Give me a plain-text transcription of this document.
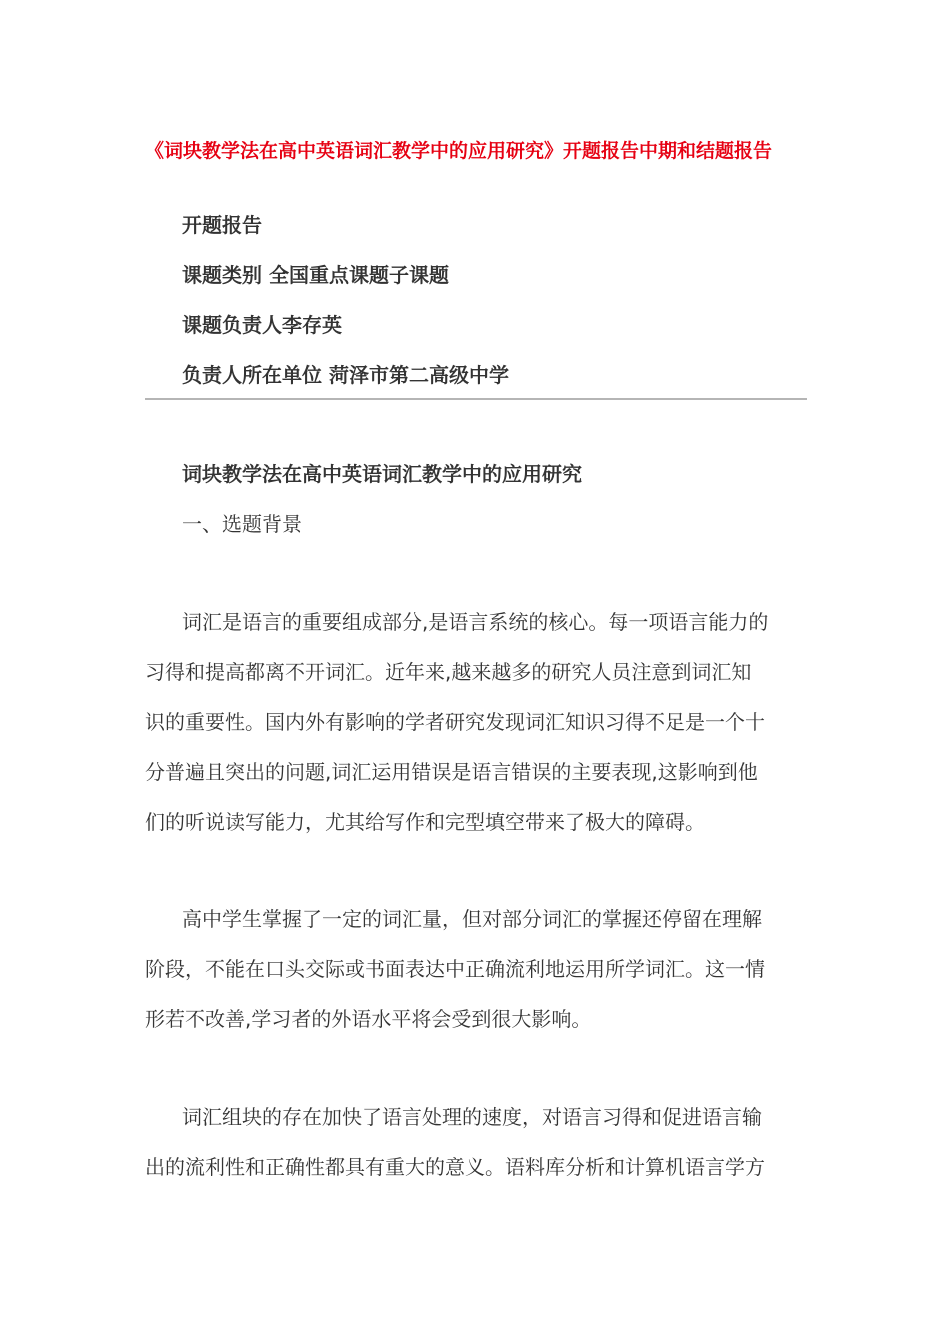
《词块教学法在高中英语词汇教学中的应用研究》开题报告中期和结题报告
开题报告
课题类别 全国重点课题子课题
课题负责人李存英
负责人所在单位 菏泽市第二高级中学
词块教学法在高中英语词汇教学中的应用研究
一、选题背景
词汇是语言的重要组成部分,是语言系统的核心。每一项语言能力的
习得和提高都离不开词汇。近年来,越来越多的研究人员注意到词汇知
识的重要性。国内外有影响的学者研究发现词汇知识习得不足是一个十
分普遍且突出的问题,词汇运用错误是语言错误的主要表现,这影响到他
们的听说读写能力，尤其给写作和完型填空带来了极大的障碍。
高中学生掌握了一定的词汇量，但对部分词汇的掌握还停留在理解
阶段，不能在口头交际或书面表达中正确流利地运用所学词汇。这一情
形若不改善,学习者的外语水平将会受到很大影响。
词汇组块的存在加快了语言处理的速度，对语言习得和促进语言输
出的流利性和正确性都具有重大的意义。语料库分析和计算机语言学方
